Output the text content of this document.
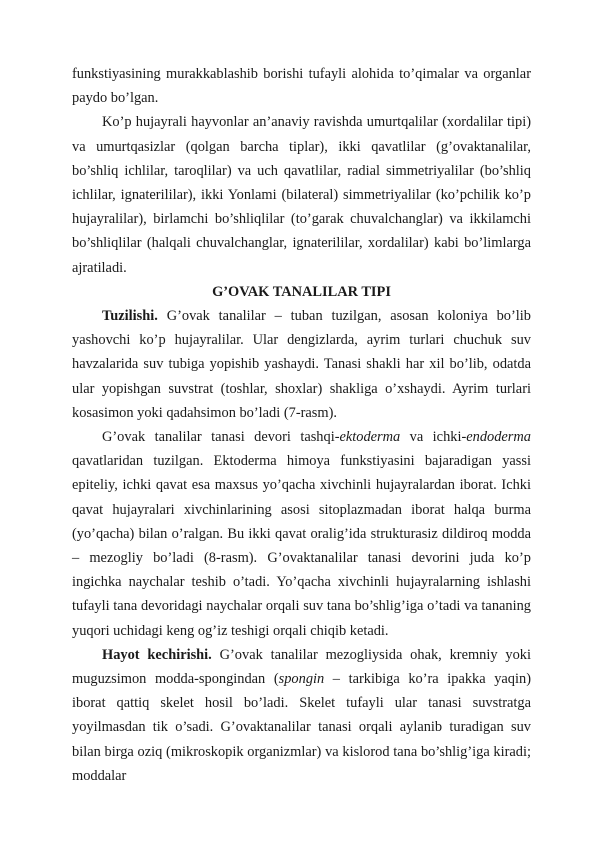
funkstiyasining murakkablashib borishi tufayli alohida to’qimalar va organlar paydo bo’lgan.

Ko’p hujayrali hayvonlar an’anaviy ravishda umurtqalilar (xordalilar tipi) va umurtqasizlar (qolgan barcha tiplar), ikki qavatlilar (g’ovaktanalilar, bo’shliq ichlilar, taroqlilar) va uch qavatlilar, radial simmetriyalilar (bo’shliq ichlilar, ignaterililar), ikki Yonlami (bilateral) simmetriyalilar (ko’pchilik ko’p hujayralilar), birlamchi bo’shliqlilar (to’garak chuvalchanglar) va ikkilamchi bo’shliqlilar (halqali chuvalchanglar, ignaterililar, xordalilar) kabi bo’limlarga ajratiladi.

G’OVAK TANALILAR TIPI

Tuzilishi. G’ovak tanalilar – tuban tuzilgan, asosan koloniya bo’lib yashovchi ko’p hujayralilar. Ular dengizlarda, ayrim turlari chuchuk suv havzalarida suv tubiga yopishib yashaydi. Tanasi shakli har xil bo’lib, odatda ular yopishgan suvstrat (toshlar, shoxlar) shakliga o’xshaydi. Ayrim turlari kosasimon yoki qadahsimon bo’ladi (7-rasm).

G’ovak tanalilar tanasi devori tashqi-ektoderma va ichki-endoderma qavatlaridan tuzilgan. Ektoderma himoya funkstiyasini bajaradigan yassi epiteliy, ichki qavat esa maxsus yo’qacha xivchinli hujayralardan iborat. Ichki qavat hujayralari xivchinlarining asosi sitoplazmadan iborat halqa burma (yo’qacha) bilan o’ralgan. Bu ikki qavat oralig’ida strukturasiz dildiroq modda – mezogliy bo’ladi (8-rasm). G’ovaktanalilar tanasi devorini juda ko’p ingichka naychalar teshib o’tadi. Yo’qacha xivchinli hujayralarning ishlashi tufayli tana devoridagi naychalar orqali suv tana bo’shlig’iga o’tadi va tananing yuqori uchidagi keng og’iz teshigi orqali chiqib ketadi.

Hayot kechirishi. G’ovak tanalilar mezogliysida ohak, kremniy yoki muguzsimon modda-spongindan (spongin – tarkibiga ko’ra ipakka yaqin) iborat qattiq skelet hosil bo’ladi. Skelet tufayli ular tanasi suvstratga yoyilmasdan tik o’sadi. G’ovaktanalilar tanasi orqali aylanib turadigan suv bilan birga oziq (mikroskopik organizmlar) va kislorod tana bo’shlig’iga kiradi; moddalar
